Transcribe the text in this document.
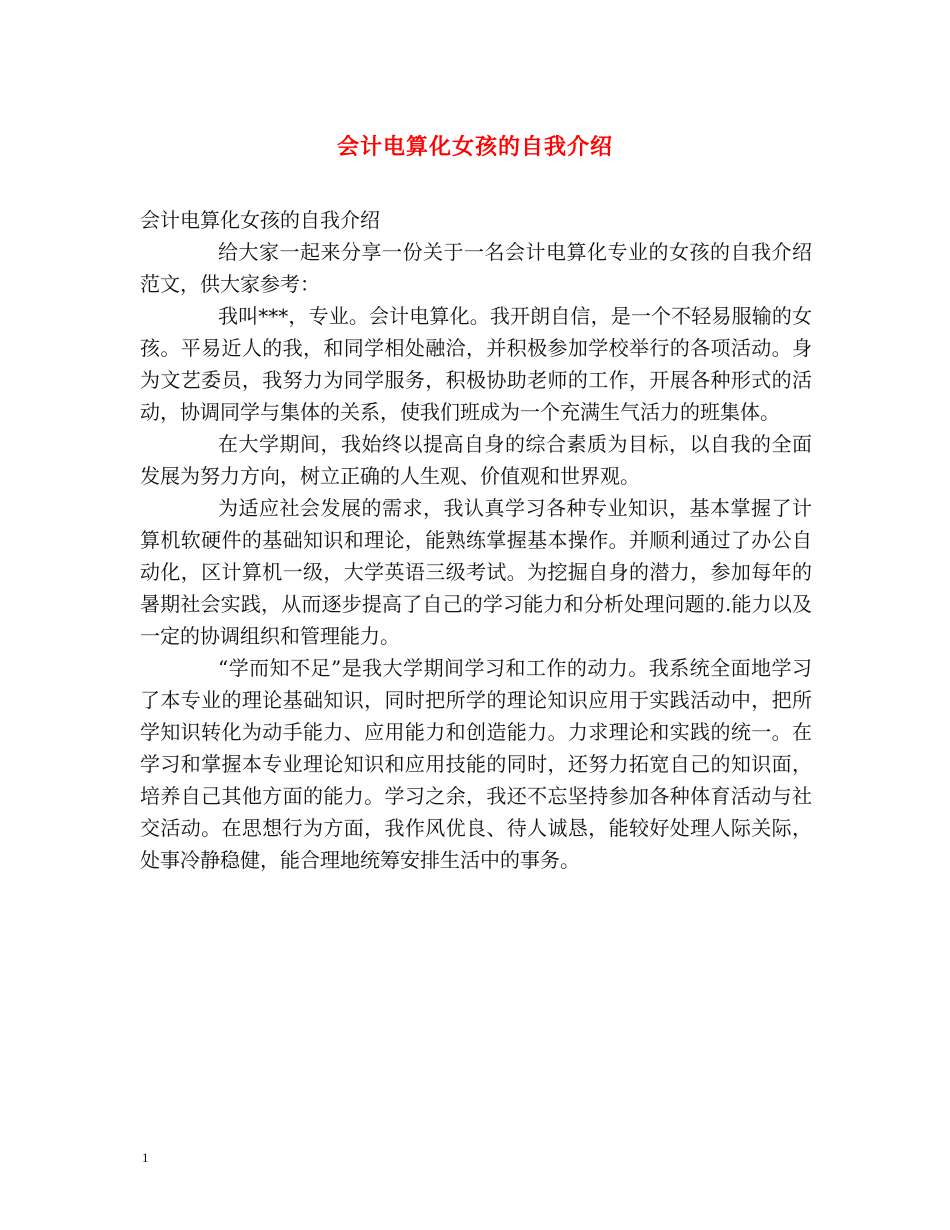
会计电算化女孩的自我介绍

会计电算化女孩的自我介绍

给大家一起来分享一份关于一名会计电算化专业的女孩的自我介绍范文，供大家参考：

我叫***，专业。会计电算化。我开朗自信，是一个不轻易服输的女孩。平易近人的我，和同学相处融洽，并积极参加学校举行的各项活动。身为文艺委员，我努力为同学服务，积极协助老师的工作，开展各种形式的活动，协调同学与集体的关系，使我们班成为一个充满生气活力的班集体。

在大学期间，我始终以提高自身的综合素质为目标，以自我的全面发展为努力方向，树立正确的人生观、价值观和世界观。

为适应社会发展的需求，我认真学习各种专业知识，基本掌握了计算机软硬件的基础知识和理论，能熟练掌握基本操作。并顺利通过了办公自动化，区计算机一级，大学英语三级考试。为挖掘自身的潜力，参加每年的暑期社会实践，从而逐步提高了自己的学习能力和分析处理问题的.能力以及一定的协调组织和管理能力。

“学而知不足”是我大学期间学习和工作的动力。我系统全面地学习了本专业的理论基础知识，同时把所学的理论知识应用于实践活动中，把所学知识转化为动手能力、应用能力和创造能力。力求理论和实践的统一。在学习和掌握本专业理论知识和应用技能的同时，还努力拓宽自己的知识面，培养自己其他方面的能力。学习之余，我还不忘坚持参加各种体育活动与社交活动。在思想行为方面，我作风优良、待人诚恳，能较好处理人际关际，处事冷静稳健，能合理地统筹安排生活中的事务。

1
